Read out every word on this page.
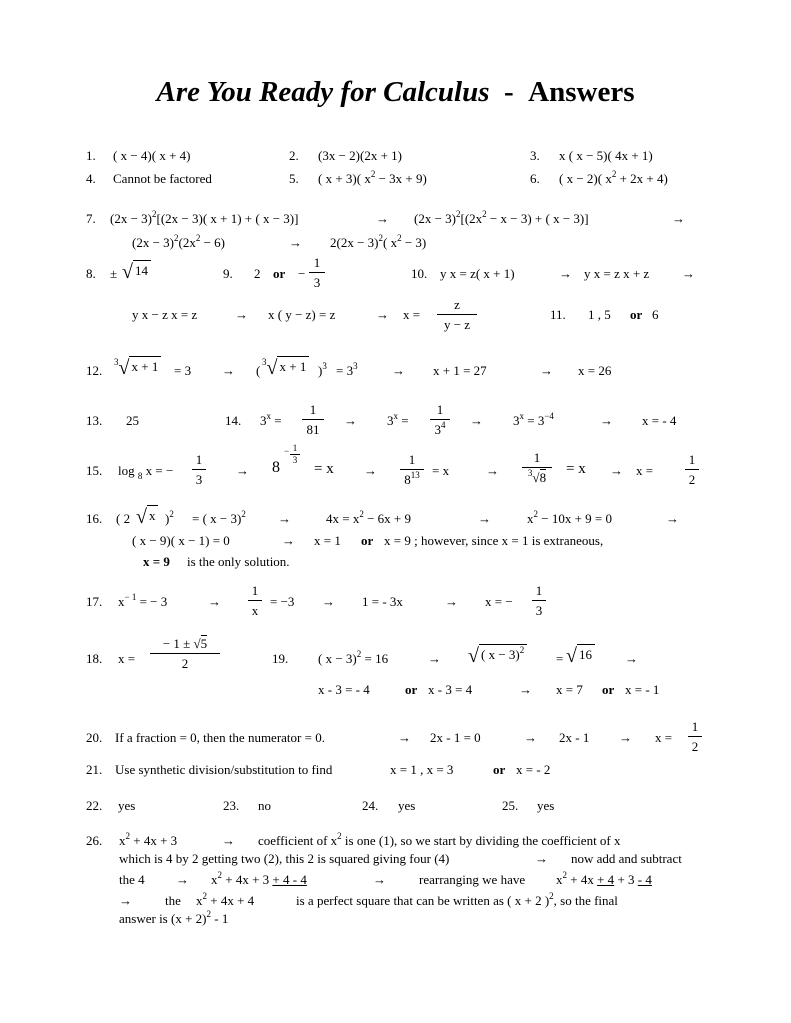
Are You Ready for Calculus - Answers
1. ( x − 4)( x + 4)	2. (3x − 2)(2x + 1)	3. x ( x − 5)( 4x + 1)
4. Cannot be factored	5. ( x + 3)( $x^2 - 3x + 9$)	6. ( x − 2)( $x^2 + 2x + 4$)
7. $(2x - 3)^2[(2x - 3)$( x + 1) + ( x − 3)]	→ $(2x - 3)^2[(2x^2 - x - 3)$ + ( x − 3)]	→
$(2x - 3)^2(2x^2 - 6)$	→ $2(2x - 3)^2$( $x^2 - 3$)
8. ± √ 14	9. 2 or − $\frac{1}{3}$	10. y x = z( x + 1)	→ y x = z x + z	→
y x − z x = z	→ x ( y − z) = z	→ $x = \frac{z}{y - z}$	11. 1 , 5 or 6
12.
$^3$√ x + 1 = 3 → (
$^3$√ x + 1 )$^3 = 3^3$	→ x + 1 = 27	→ x = 26
13. 25	14. $3^x = \frac{1}{81} \to 3^x = \frac{1}{3^4} \to 3^x = 3^{-4}$	→ x = - 4
15. log $_8$ x = − $\frac{1}{3} \to 8$
− $\frac{1}{3}$
= $x \to \frac{1}{8^{13}} = x$	→ $\frac{1}{^3√8} = x \to x = \frac{1}{2}$
16. ( 2 √ x )$^2$ = ( x − 3)$^2$ →	$4x = x^2 - 6x + 9$	→	$x^2 - 10x + 9 = 0$	→
( x − 9)( x − 1) = 0	→ x = 1 or x = 9 ; however, since x = 1 is extraneous,
x = 9 is the only solution.
17. $x^{- 1}$ = − 3	→ $\frac{1}{x} = -3 \to 1$ = - 3x	→ x = − $\frac{1}{3}$
18. $x = \frac{- 1 \pm √5}{2}$	19. ( x − 3)$^2$ = 16	→ √ ( x − 3)$^2$
= √ 16	→
x - 3 = - 4	or x - 3 = 4	→ x = 7 or x = - 1
20. If a fraction = 0, then the numerator = 0.	→ 2x - 1 = 0	→ $2x - 1 \to x = \frac{1}{2}$
21. Use synthetic division/substitution to find	x = 1 , x = 3	or x = - 2
22. yes	23. no	24. yes	25. yes
26. $x^2 + 4x + 3$	→ coefficient of $x^2$ is one (1), so we start by dividing the coefficient of x
which is 4 by 2 getting two (2), this 2 is squared giving four (4)	→ now add and subtract
the $4 \to x^2 + 4x + 3 + 4 - 4$	→	rearranging we have $x^2 + 4x + 4 + 3 - 4$
→	the $x^2 + 4x + 4$	is a perfect square that can be written as ( x + 2 )$^2$, so the final
answer is $(x + 2)^2 - 1$
